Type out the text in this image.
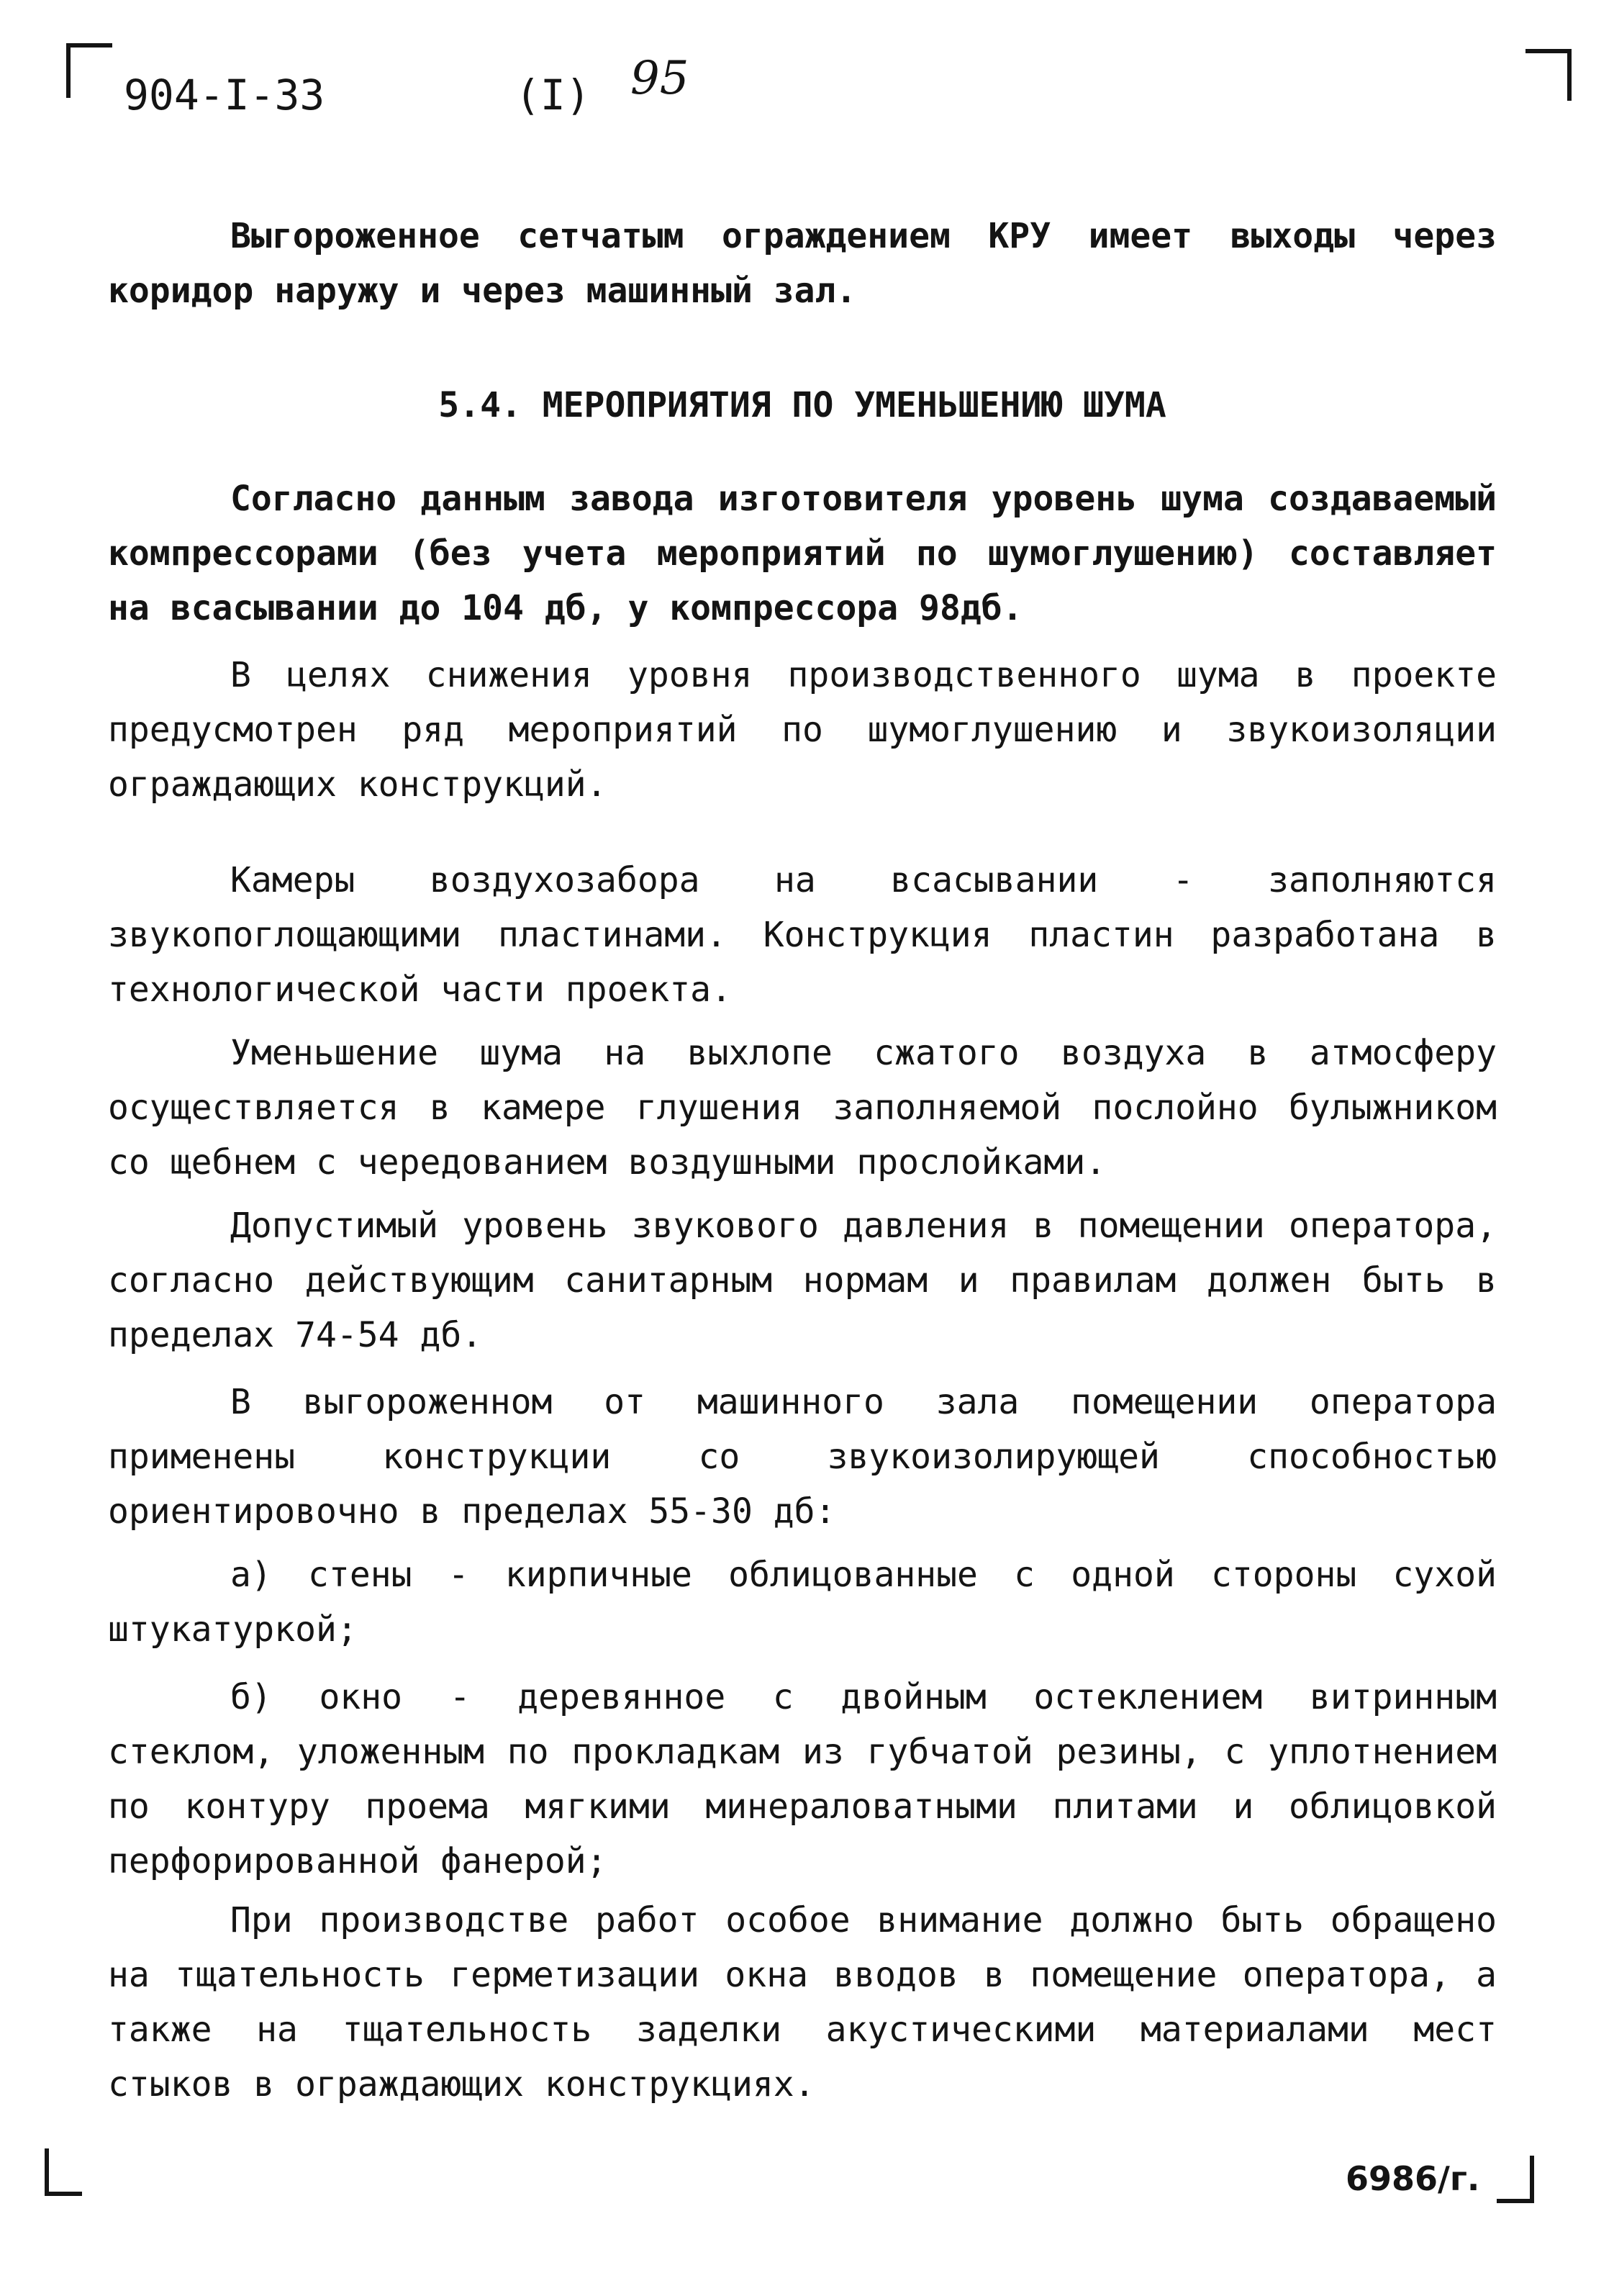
904-I-33	(I) 95

Выгороженное сетчатым ограждением КРУ имеет выходы через коридор наружу и через машинный зал.

5.4. МЕРОПРИЯТИЯ ПО УМЕНЬШЕНИЮ ШУМА

Согласно данным завода изготовителя уровень шума создаваемый компрессорами (без учета мероприятий по шумоглушению) составляет на всасывании до 104 дб, у компрессора 98дб.

В целях снижения уровня производственного шума в проекте предусмотрен ряд мероприятий по шумоглушению и звукоизоляции ограждающих конструкций.

Камеры воздухозабора на всасывании - заполняются звукопоглощающими пластинами. Конструкция пластин разработана в технологической части проекта.

Уменьшение шума на выхлопе сжатого воздуха в атмосферу осуществляется в камере глушения заполняемой послойно булыжником со щебнем с чередованием воздушными прослойками.

Допустимый уровень звукового давления в помещении оператора, согласно действующим санитарным нормам и правилам должен быть в пределах 74-54 дб.

В выгороженном от машинного зала помещении оператора применены конструкции со звукоизолирующей способностью ориентировочно в пределах 55-30 дб:

а) стены - кирпичные облицованные с одной стороны сухой штукатуркой;

б) окно - деревянное с двойным остеклением витринным стеклом, уложенным по прокладкам из губчатой резины, с уплотнением по контуру проема мягкими минераловатными плитами и облицовкой перфорированной фанерой;

При производстве работ особое внимание должно быть обращено на тщательность герметизации окна вводов в помещение оператора, а также на тщательность заделки акустическими материалами мест стыков в ограждающих конструкциях.

6986/г.
